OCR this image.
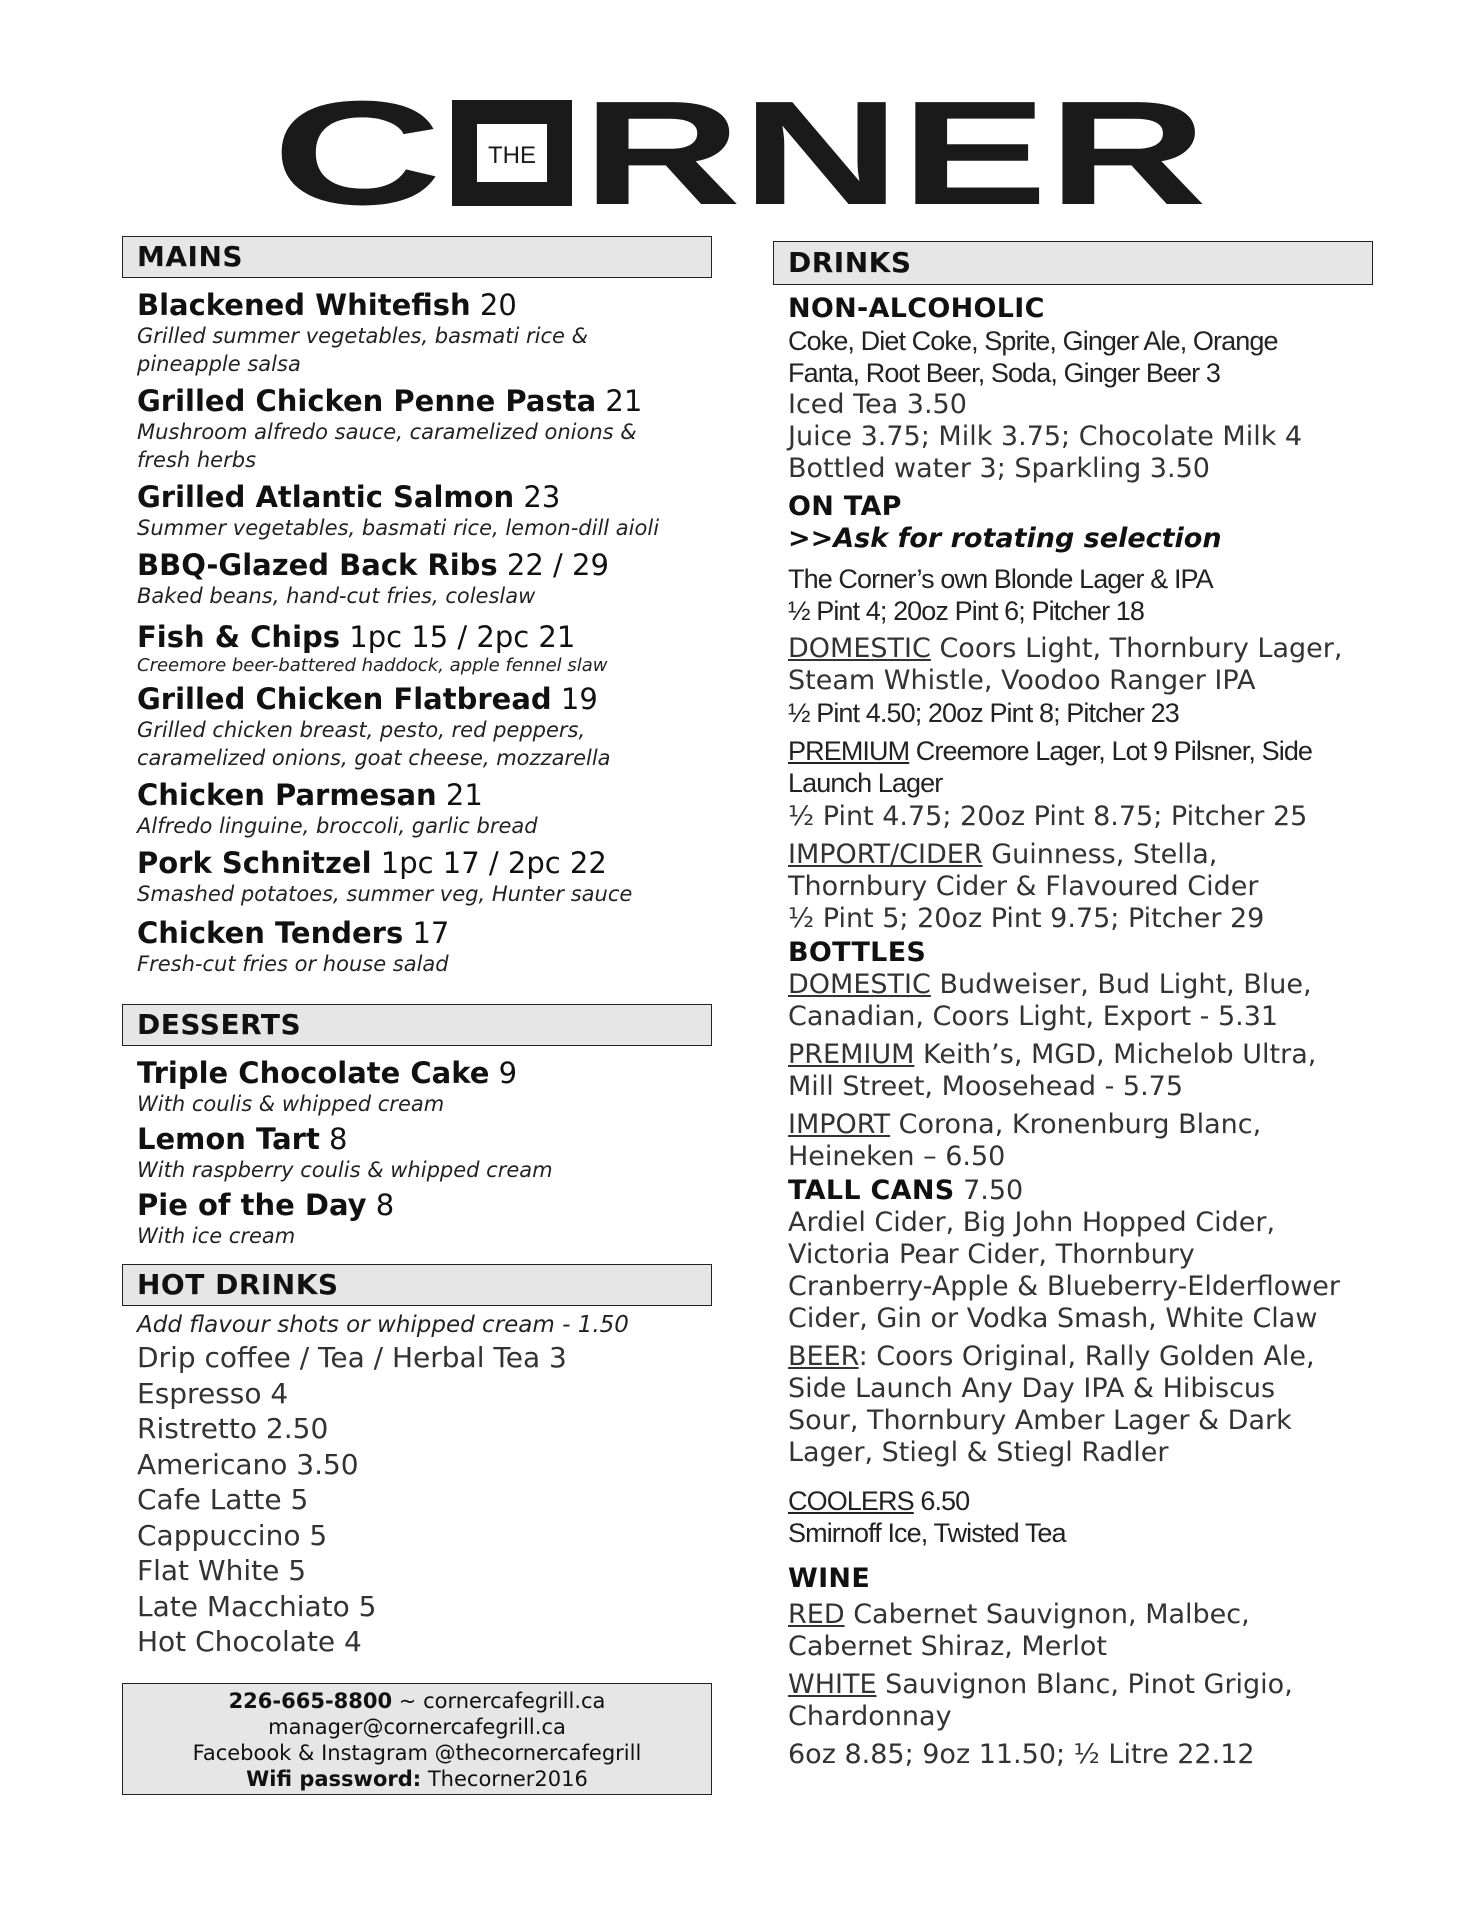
C THE RNER
MAINS
Blackened Whitefish 20
Grilled summer vegetables, basmati rice & pineapple salsa
Grilled Chicken Penne Pasta 21
Mushroom alfredo sauce, caramelized onions & fresh herbs
Grilled Atlantic Salmon 23
Summer vegetables, basmati rice, lemon-dill aioli
BBQ-Glazed Back Ribs 22 / 29
Baked beans, hand-cut fries, coleslaw
Fish & Chips 1pc 15 / 2pc 21
Creemore beer-battered haddock, apple fennel slaw
Grilled Chicken Flatbread 19
Grilled chicken breast, pesto, red peppers, caramelized onions, goat cheese, mozzarella
Chicken Parmesan 21
Alfredo linguine, broccoli, garlic bread
Pork Schnitzel 1pc 17 / 2pc 22
Smashed potatoes, summer veg, Hunter sauce
Chicken Tenders 17
Fresh-cut fries or house salad
DESSERTS
Triple Chocolate Cake 9
With coulis & whipped cream
Lemon Tart 8
With raspberry coulis & whipped cream
Pie of the Day 8
With ice cream
HOT DRINKS
Add flavour shots or whipped cream - 1.50
Drip coffee / Tea / Herbal Tea 3
Espresso 4
Ristretto 2.50
Americano 3.50
Cafe Latte 5
Cappuccino 5
Flat White 5
Late Macchiato 5
Hot Chocolate 4
226-665-8800 ~ cornercafegrill.ca
manager@cornercafegrill.ca
Facebook & Instagram @thecornercafegrill
Wifi password: Thecorner2016
DRINKS
NON-ALCOHOLIC
Coke, Diet Coke, Sprite, Ginger Ale, Orange
Fanta, Root Beer, Soda, Ginger Beer 3
Iced Tea 3.50
Juice 3.75; Milk 3.75; Chocolate Milk 4
Bottled water 3; Sparkling 3.50
ON TAP
>>Ask for rotating selection
The Corner’s own Blonde Lager & IPA
½ Pint 4; 20oz Pint 6; Pitcher 18
DOMESTIC Coors Light, Thornbury Lager,
Steam Whistle, Voodoo Ranger IPA
½ Pint 4.50; 20oz Pint 8; Pitcher 23
PREMIUM Creemore Lager, Lot 9 Pilsner, Side
Launch Lager
½ Pint 4.75; 20oz Pint 8.75; Pitcher 25
IMPORT/CIDER Guinness, Stella,
Thornbury Cider & Flavoured Cider
½ Pint 5; 20oz Pint 9.75; Pitcher 29
BOTTLES
DOMESTIC Budweiser, Bud Light, Blue,
Canadian, Coors Light, Export - 5.31
PREMIUM Keith’s, MGD, Michelob Ultra,
Mill Street, Moosehead - 5.75
IMPORT Corona, Kronenburg Blanc,
Heineken – 6.50
TALL CANS 7.50
Ardiel Cider, Big John Hopped Cider,
Victoria Pear Cider, Thornbury
Cranberry-Apple & Blueberry-Elderflower
Cider, Gin or Vodka Smash, White Claw
BEER: Coors Original, Rally Golden Ale,
Side Launch Any Day IPA & Hibiscus
Sour, Thornbury Amber Lager & Dark
Lager, Stiegl & Stiegl Radler
COOLERS 6.50
Smirnoff Ice, Twisted Tea
WINE
RED Cabernet Sauvignon, Malbec,
Cabernet Shiraz, Merlot
WHITE Sauvignon Blanc, Pinot Grigio,
Chardonnay
6oz 8.85; 9oz 11.50; ½ Litre 22.12
